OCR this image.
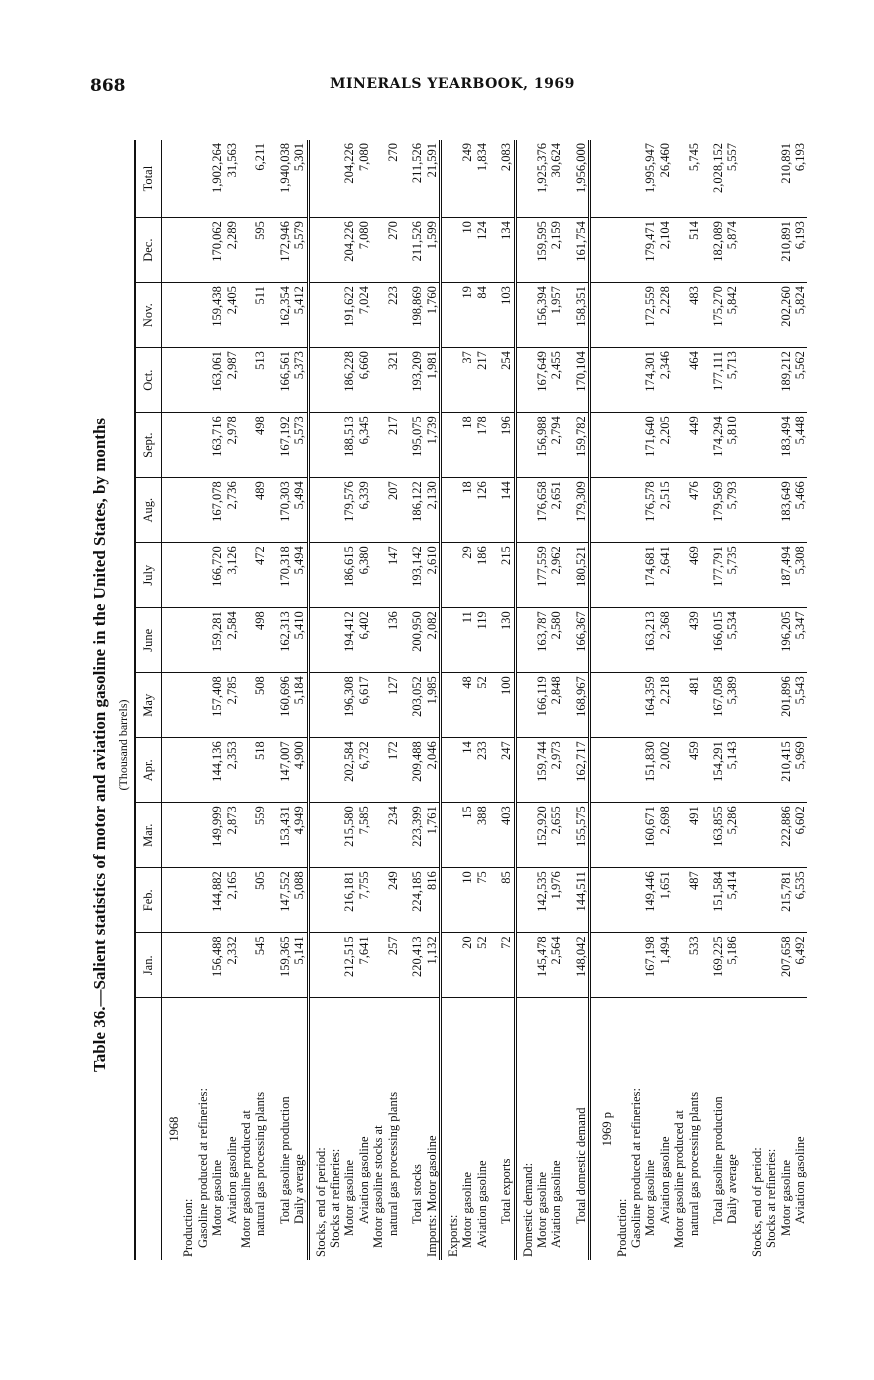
868	MINERALS YEARBOOK, 1969
Table 36.—Salient statistics of motor and aviation gasoline in the United States, by months (Thousand barrels)
	Jan.	Feb.	Mar.	Apr.	May	June	July	Aug.	Sept.	Oct.	Nov.	Dec.	Total
1968													
Production:													
Gasoline produced at refineries:													
Motor gasoline	156,488	144,882	149,999	144,136	157,408	159,281	166,720	167,078	163,716	163,061	159,438	170,062	1,902,264
Aviation gasoline	2,332	2,165	2,873	2,353	2,785	2,584	3,126	2,736	2,978	2,987	2,405	2,289	31,563
Motor gasoline produced at													
natural gas processing plants	545	505	559	518	508	498	472	489	498	513	511	595	6,211

Total gasoline production	159,365	147,552	153,431	147,007	160,696	162,313	170,318	170,303	167,192	166,561	162,354	172,946	1,940,038
Daily average	5,141	5,088	4,949	4,900	5,184	5,410	5,494	5,494	5,573	5,373	5,412	5,579	5,301

Stocks, end of period:													
Stocks at refineries:													
Motor gasoline	212,515	216,181	215,580	202,584	196,308	194,412	186,615	179,576	188,513	186,228	191,622	204,226	204,226
Aviation gasoline	7,641	7,755	7,585	6,732	6,617	6,402	6,380	6,339	6,345	6,660	7,024	7,080	7,080
Motor gasoline stocks at													
natural gas processing plants	257	249	234	172	127	136	147	207	217	321	223	270	270

Total stocks	220,413	224,185	223,399	209,488	203,052	200,950	193,142	186,122	195,075	193,209	198,869	211,526	211,526
Imports: Motor gasoline	1,132	816	1,761	2,046	1,985	2,082	2,610	2,130	1,739	1,981	1,760	1,599	21,591

Exports:													
Motor gasoline	20	10	15	14	48	11	29	18	18	37	19	10	249
Aviation gasoline	52	75	388	233	52	119	186	126	178	217	84	124	1,834

Total exports	72	85	403	247	100	130	215	144	196	254	103	134	2,083

Domestic demand:													
Motor gasoline	145,478	142,535	152,920	159,744	166,119	163,787	177,559	176,658	156,988	167,649	156,394	159,595	1,925,376
Aviation gasoline	2,564	1,976	2,655	2,973	2,848	2,580	2,962	2,651	2,794	2,455	1,957	2,159	30,624

Total domestic demand	148,042	144,511	155,575	162,717	168,967	166,367	180,521	179,309	159,782	170,104	158,351	161,754	1,956,000

1969 p													
Production:													
Gasoline produced at refineries:													
Motor gasoline	167,198	149,446	160,671	151,830	164,359	163,213	174,681	176,578	171,640	174,301	172,559	179,471	1,995,947
Aviation gasoline	1,494	1,651	2,698	2,002	2,218	2,368	2,641	2,515	2,205	2,346	2,228	2,104	26,460
Motor gasoline produced at													
natural gas processing plants	533	487	491	459	481	439	469	476	449	464	483	514	5,745

Total gasoline production	169,225	151,584	163,855	154,291	167,058	166,015	177,791	179,569	174,294	177,111	175,270	182,089	2,028,152
Daily average	5,186	5,414	5,286	5,143	5,389	5,534	5,735	5,793	5,810	5,713	5,842	5,874	5,557

Stocks, end of period:													
Stocks at refineries:													
Motor gasoline	207,658	215,781	222,886	210,415	201,896	196,205	187,494	183,649	183,494	189,212	202,260	210,891	210,891
Aviation gasoline	6,492	6,535	6,602	5,969	5,543	5,347	5,308	5,466	5,448	5,562	5,824	6,193	6,193
